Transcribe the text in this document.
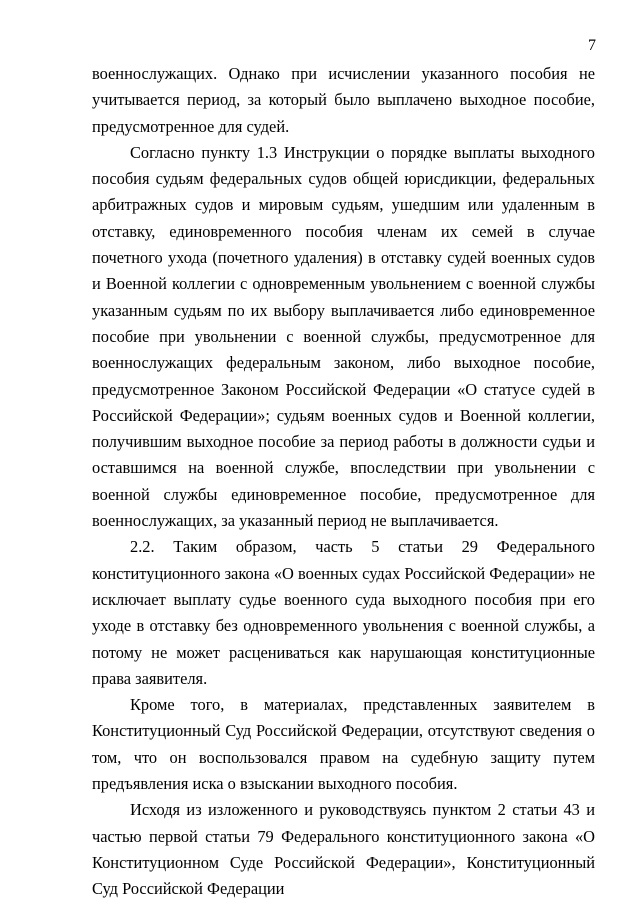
7

военнослужащих. Однако при исчислении указанного пособия не учитывается период, за который было выплачено выходное пособие, предусмотренное для судей.

Согласно пункту 1.3 Инструкции о порядке выплаты выходного пособия судьям федеральных судов общей юрисдикции, федеральных арбитражных судов и мировым судьям, ушедшим или удаленным в отставку, единовременного пособия членам их семей в случае почетного ухода (почетного удаления) в отставку судей военных судов и Военной коллегии с одновременным увольнением с военной службы указанным судьям по их выбору выплачивается либо единовременное пособие при увольнении с военной службы, предусмотренное для военнослужащих федеральным законом, либо выходное пособие, предусмотренное Законом Российской Федерации «О статусе судей в Российской Федерации»; судьям военных судов и Военной коллегии, получившим выходное пособие за период работы в должности судьи и оставшимся на военной службе, впоследствии при увольнении с военной службы единовременное пособие, предусмотренное для военнослужащих, за указанный период не выплачивается.

2.2. Таким образом, часть 5 статьи 29 Федерального конституционного закона «О военных судах Российской Федерации» не исключает выплату судье военного суда выходного пособия при его уходе в отставку без одновременного увольнения с военной службы, а потому не может расцениваться как нарушающая конституционные права заявителя.

Кроме того, в материалах, представленных заявителем в Конституционный Суд Российской Федерации, отсутствуют сведения о том, что он воспользовался правом на судебную защиту путем предъявления иска о взыскании выходного пособия.

Исходя из изложенного и руководствуясь пунктом 2 статьи 43 и частью первой статьи 79 Федерального конституционного закона «О Конституционном Суде Российской Федерации», Конституционный Суд Российской Федерации
